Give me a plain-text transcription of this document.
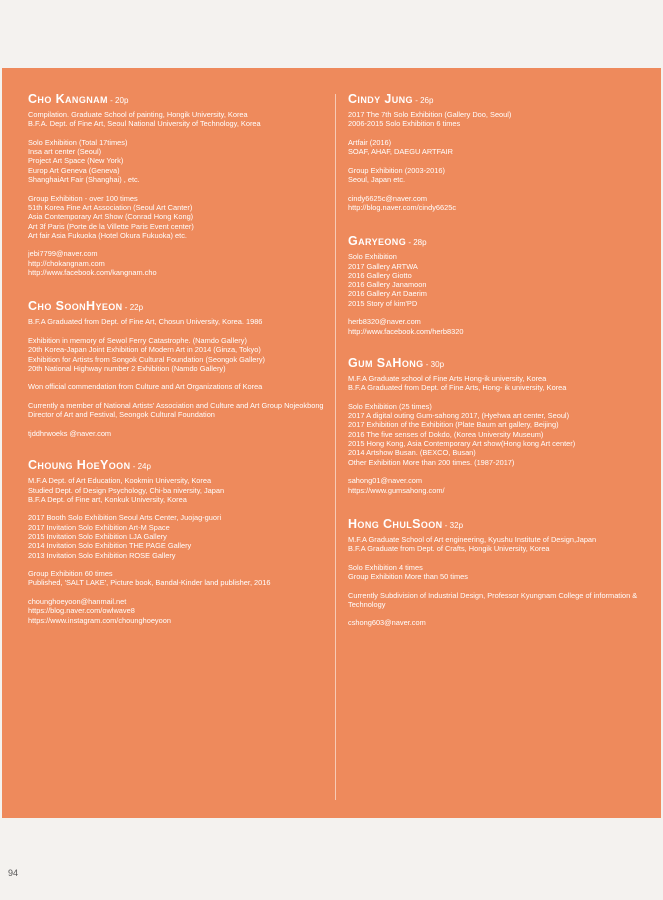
Cho Kangnam - 20p
Compilation. Graduate School of painting, Hongik University, Korea
B.F.A. Dept. of Fine Art, Seoul National University of Technology, Korea
Solo Exhibition (Total 17times)
Insa art center (Seoul)
Project Art Space (New York)
Europ Art Geneva (Geneva)
ShanghaiArt Fair (Shanghai) , etc.
Group Exhibition - over 100 times
51th Korea Fine Art Association (Seoul Art Canter)
Asia Contemporary Art Show (Conrad Hong Kong)
Art 3f Paris (Porte de la Villette Paris Event center)
Art fair Asia Fukuoka (Hotel Okura Fukuoka) etc.
jebi7799@naver.com
http://chokangnam.com
http://www.facebook.com/kangnam.cho
Cho SoonHyeon - 22p
B.F.A Graduated from Dept. of Fine Art, Chosun University, Korea. 1986
Exhibition in memory of Sewol Ferry Catastrophe. (Namdo Gallery)
20th Korea-Japan Joint Exhibition of Modern Art in 2014 (Ginza, Tokyo)
Exhibition for Artists from Songok Cultural Foundation (Seongok Gallery)
20th National Highway number 2 Exhibition (Namdo Gallery)
Won official commendation from Culture and Art Organizations of Korea
Currently a member of National Artists' Association and Culture and Art Group Nojeokbong
Director of Art and Festival, Seongok Cultural Foundation
tjddhrwoeks @naver.com
Choung HoeYoon - 24p
M.F.A Dept. of Art Education, Kookmin University, Korea
Studied Dept. of Design Psychology, Chi-ba niversity, Japan
B.F.A Dept. of Fine art, Konkuk University, Korea
2017 Booth Solo Exhibition Seoul Arts Center, Juojag-guori
2017 Invitation Solo Exhibition Art-M Space
2015 Invitation Solo Exhibition LJA Gallery
2014 Invitation Solo Exhibition THE PAGE Gallery
2013 Invitation Solo Exhibition ROSE Gallery
Group Exhibition 60 times
Published, 'SALT LAKE', Picture book, Bandal-Kinder land publisher, 2016
chounghoeyoon@hanmail.net
https://blog.naver.com/owlwave8
https://www.instagram.com/chounghoeyoon
Cindy Jung - 26p
2017 The 7th Solo Exhibition (Gallery Doo, Seoul)
2006-2015 Solo Exhibition 6 times
Artfair (2016)
SOAF, AHAF, DAEGU ARTFAIR
Group Exhibition (2003-2016)
Seoul, Japan etc.
cindy6625c@naver.com
http://blog.naver.com/cindy6625c
Garyeong - 28p
Solo Exhibition
2017 Gallery ARTWA
2016 Gallery Giotto
2016 Gallery Janamoon
2016 Gallery Art Daerim
2015 Story of kim'PD
herb8320@naver.com
http://www.facebook.com/herb8320
Gum SaHong - 30p
M.F.A Graduate school of Fine Arts Hong-ik university, Korea
B.F.A Graduated from Dept. of Fine Arts, Hong- ik university, Korea
Solo Exhibition (25 times)
2017 A digital outing Gum-sahong 2017, (Hyehwa art center, Seoul)
2017 Exhibition of the Exhibition (Plate Baum art gallery, Beijing)
2016 The five senses of Dokdo, (Korea University Museum)
2015 Hong Kong, Asia Contemporary Art show(Hong kong Art center)
2014 Artshow Busan. (BEXCO, Busan)
Other Exhibition More than 200 times. (1987-2017)
sahong01@naver.com
https://www.gumsahong.com/
Hong ChulSoon - 32p
M.F.A Graduate School of Art engineering, Kyushu Institute of Design,Japan
B.F.A Graduate from Dept. of Crafts, Hongik University, Korea
Solo Exhibition 4 times
Group Exhibition More than 50 times
Currently Subdivision of Industrial Design, Professor Kyungnam College of information & Technology
cshong603@naver.com
94
